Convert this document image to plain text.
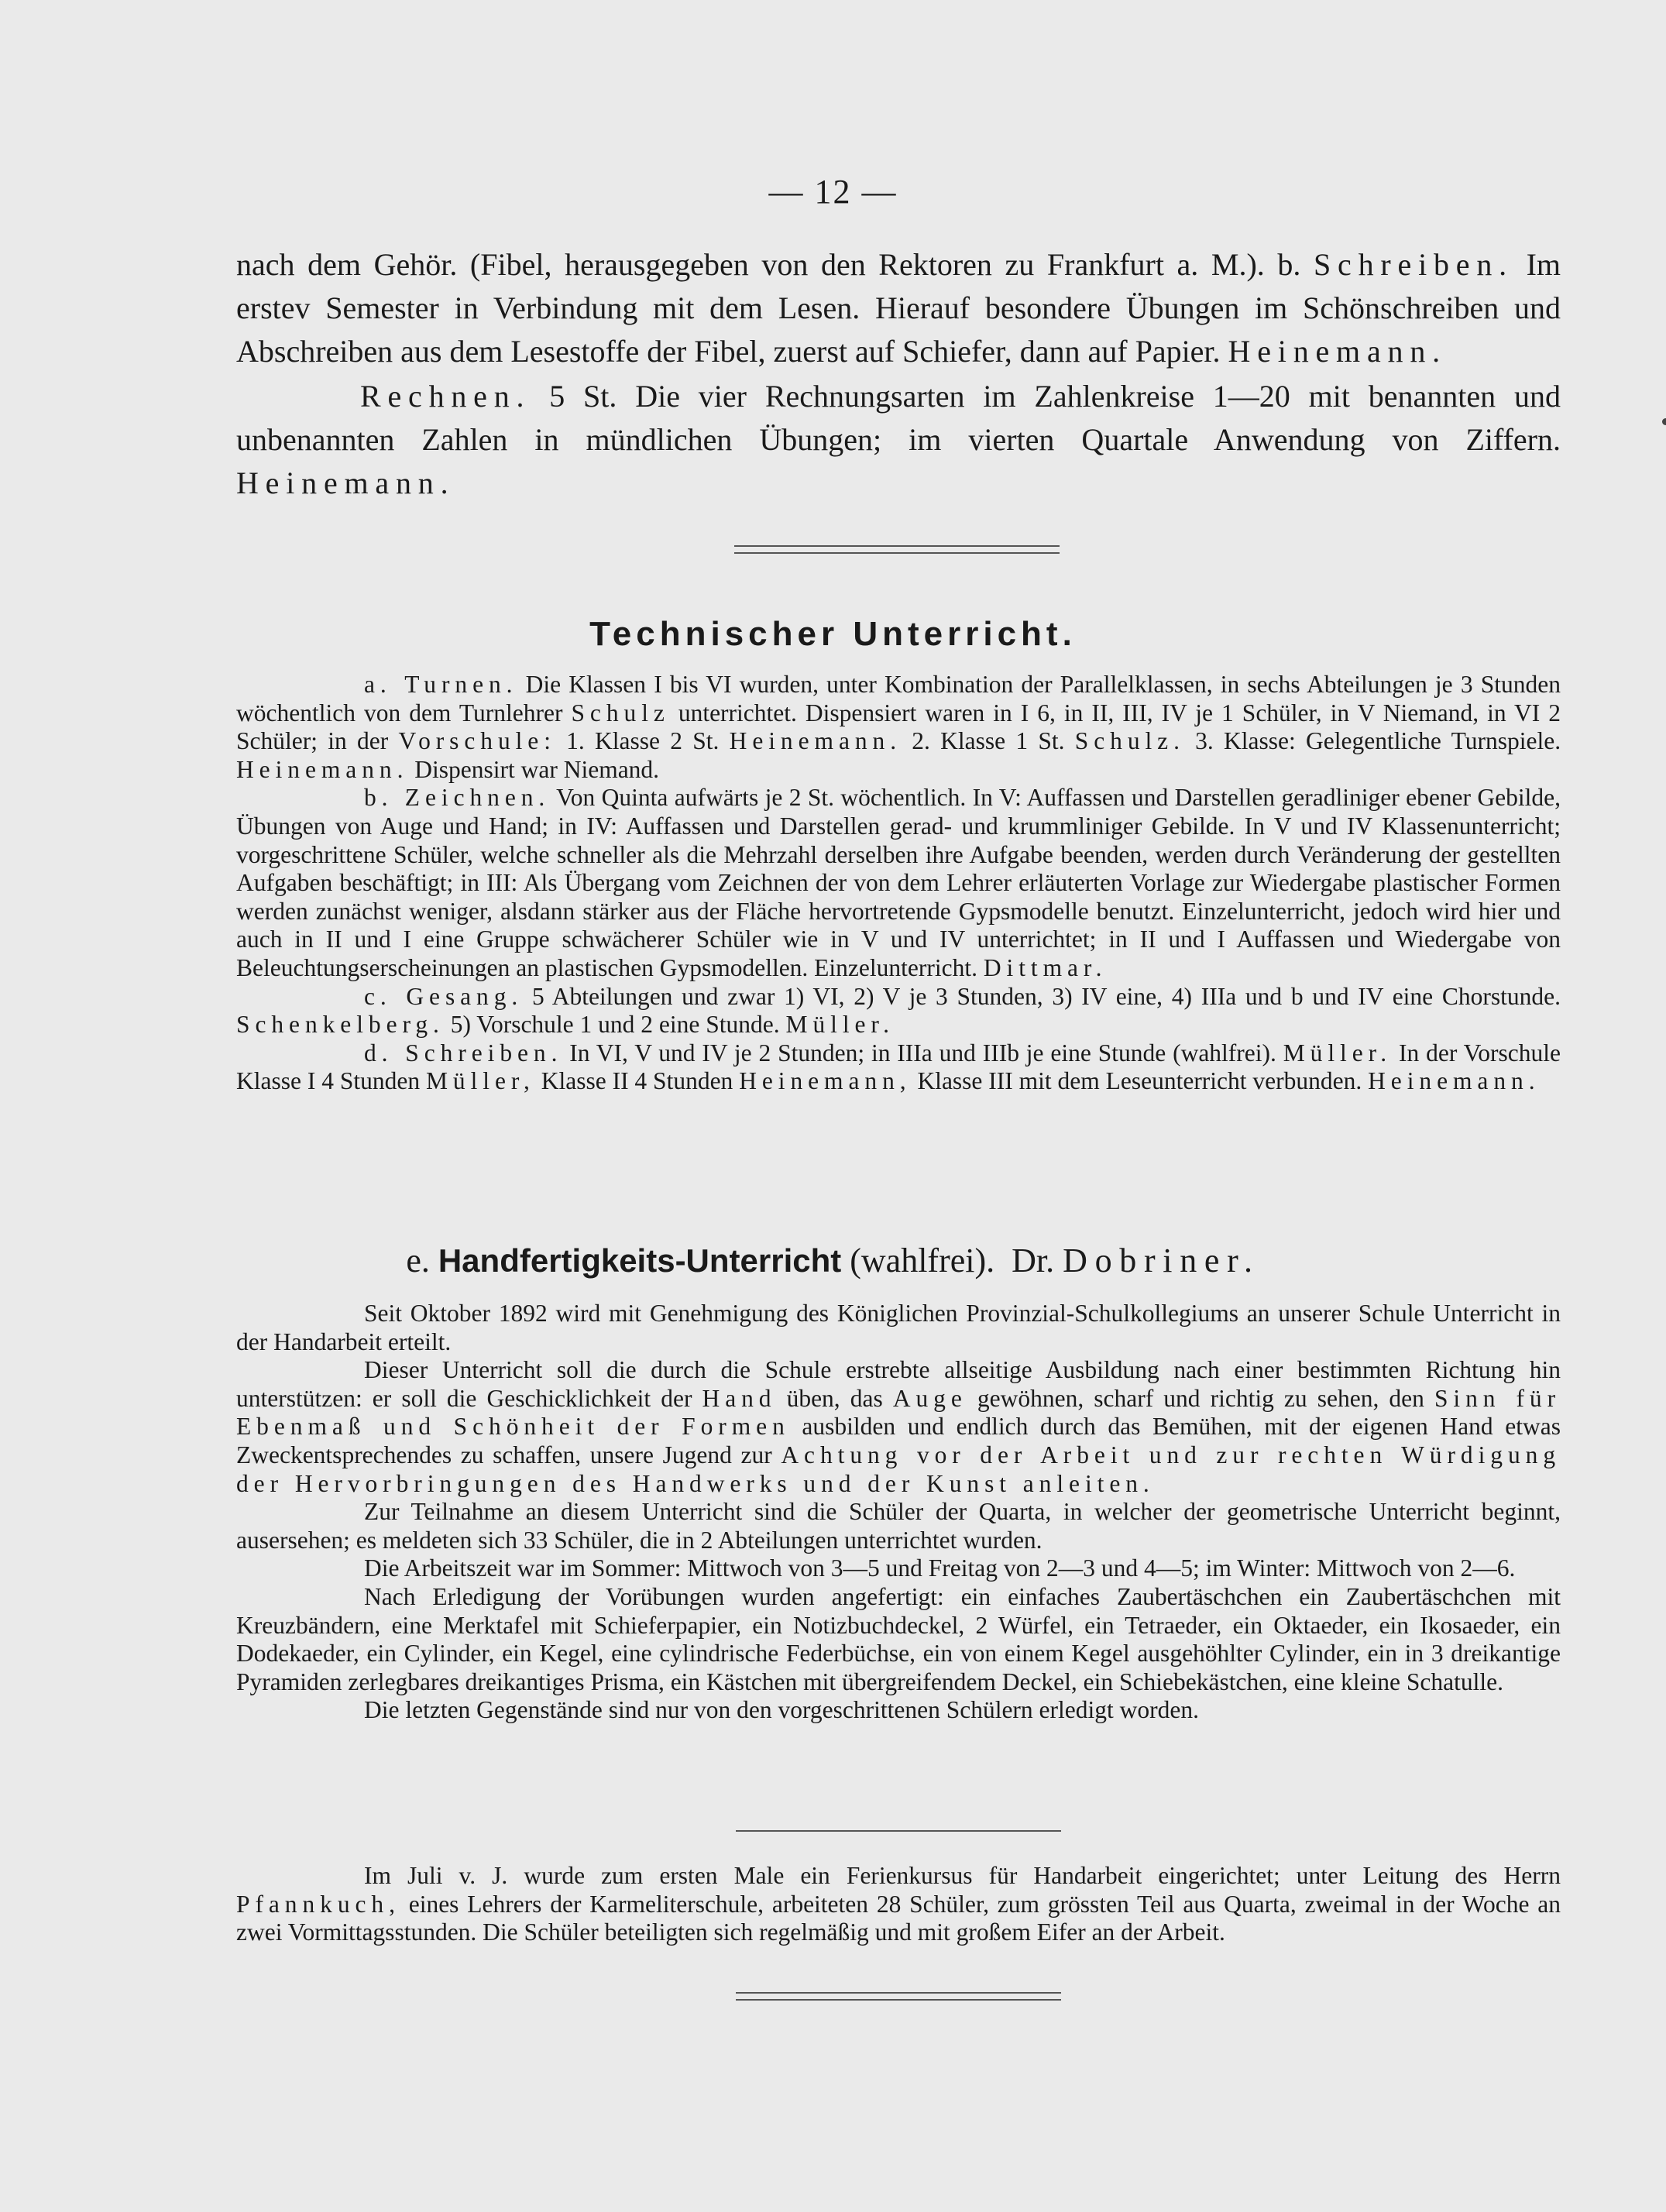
— 12 —

nach dem Gehör. (Fibel, herausgegeben von den Rektoren zu Frankfurt a. M.). b. Schreiben. Im erstev Semester in Verbindung mit dem Lesen. Hierauf besondere Übungen im Schönschreiben und Abschreiben aus dem Lesestoffe der Fibel, zuerst auf Schiefer, dann auf Papier. Heinemann.

Rechnen. 5 St. Die vier Rechnungsarten im Zahlenkreise 1—20 mit benannten und unbenannten Zahlen in mündlichen Übungen; im vierten Quartale Anwendung von Ziffern. Heinemann.

Technischer Unterricht.

a. Turnen. Die Klassen I bis VI wurden, unter Kombination der Parallelklassen, in sechs Abteilungen je 3 Stunden wöchentlich von dem Turnlehrer Schulz unterrichtet. Dispensiert waren in I 6, in II, III, IV je 1 Schüler, in V Niemand, in VI 2 Schüler; in der Vorschule: 1. Klasse 2 St. Heinemann. 2. Klasse 1 St. Schulz. 3. Klasse: Gelegentliche Turnspiele. Heinemann. Dispensirt war Niemand.

b. Zeichnen. Von Quinta aufwärts je 2 St. wöchentlich. In V: Auffassen und Darstellen geradliniger ebener Gebilde, Übungen von Auge und Hand; in IV: Auffassen und Darstellen gerad- und krummliniger Gebilde. In V und IV Klassenunterricht; vorgeschrittene Schüler, welche schneller als die Mehrzahl derselben ihre Aufgabe beenden, werden durch Veränderung der gestellten Aufgaben beschäftigt; in III: Als Übergang vom Zeichnen der von dem Lehrer erläuterten Vorlage zur Wiedergabe plastischer Formen werden zunächst weniger, alsdann stärker aus der Fläche hervortretende Gypsmodelle benutzt. Einzelunterricht, jedoch wird hier und auch in II und I eine Gruppe schwächerer Schüler wie in V und IV unterrichtet; in II und I Auffassen und Wiedergabe von Beleuchtungserscheinungen an plastischen Gypsmodellen. Einzelunterricht. Dittmar.

c. Gesang. 5 Abteilungen und zwar 1) VI, 2) V je 3 Stunden, 3) IV eine, 4) IIIa und b und IV eine Chorstunde. Schenkelberg. 5) Vorschule 1 und 2 eine Stunde. Müller.

d. Schreiben. In VI, V und IV je 2 Stunden; in IIIa und IIIb je eine Stunde (wahlfrei). Müller. In der Vorschule Klasse I 4 Stunden Müller, Klasse II 4 Stunden Heinemann, Klasse III mit dem Leseunterricht verbunden. Heinemann.

e. Handfertigkeits-Unterricht (wahlfrei). Dr. Dobriner.

Seit Oktober 1892 wird mit Genehmigung des Königlichen Provinzial-Schulkollegiums an unserer Schule Unterricht in der Handarbeit erteilt.

Dieser Unterricht soll die durch die Schule erstrebte allseitige Ausbildung nach einer bestimmten Richtung hin unterstützen: er soll die Geschicklichkeit der Hand üben, das Auge gewöhnen, scharf und richtig zu sehen, den Sinn für Ebenmaß und Schönheit der Formen ausbilden und endlich durch das Bemühen, mit der eigenen Hand etwas Zweckentsprechendes zu schaffen, unsere Jugend zur Achtung vor der Arbeit und zur rechten Würdigung der Hervorbringungen des Handwerks und der Kunst anleiten.

Zur Teilnahme an diesem Unterricht sind die Schüler der Quarta, in welcher der geometrische Unterricht beginnt, ausersehen; es meldeten sich 33 Schüler, die in 2 Abteilungen unterrichtet wurden.

Die Arbeitszeit war im Sommer: Mittwoch von 3—5 und Freitag von 2—3 und 4—5; im Winter: Mittwoch von 2—6.

Nach Erledigung der Vorübungen wurden angefertigt: ein einfaches Zaubertäschchen ein Zaubertäschchen mit Kreuzbändern, eine Merktafel mit Schieferpapier, ein Notizbuchdeckel, 2 Würfel, ein Tetraeder, ein Oktaeder, ein Ikosaeder, ein Dodekaeder, ein Cylinder, ein Kegel, eine cylindrische Federbüchse, ein von einem Kegel ausgehöhlter Cylinder, ein in 3 dreikantige Pyramiden zerlegbares dreikantiges Prisma, ein Kästchen mit übergreifendem Deckel, ein Schiebekästchen, eine kleine Schatulle.

Die letzten Gegenstände sind nur von den vorgeschrittenen Schülern erledigt worden.

Im Juli v. J. wurde zum ersten Male ein Ferienkursus für Handarbeit eingerichtet; unter Leitung des Herrn Pfannkuch, eines Lehrers der Karmeliterschule, arbeiteten 28 Schüler, zum grössten Teil aus Quarta, zweimal in der Woche an zwei Vormittagsstunden. Die Schüler beteiligten sich regelmäßig und mit großem Eifer an der Arbeit.
